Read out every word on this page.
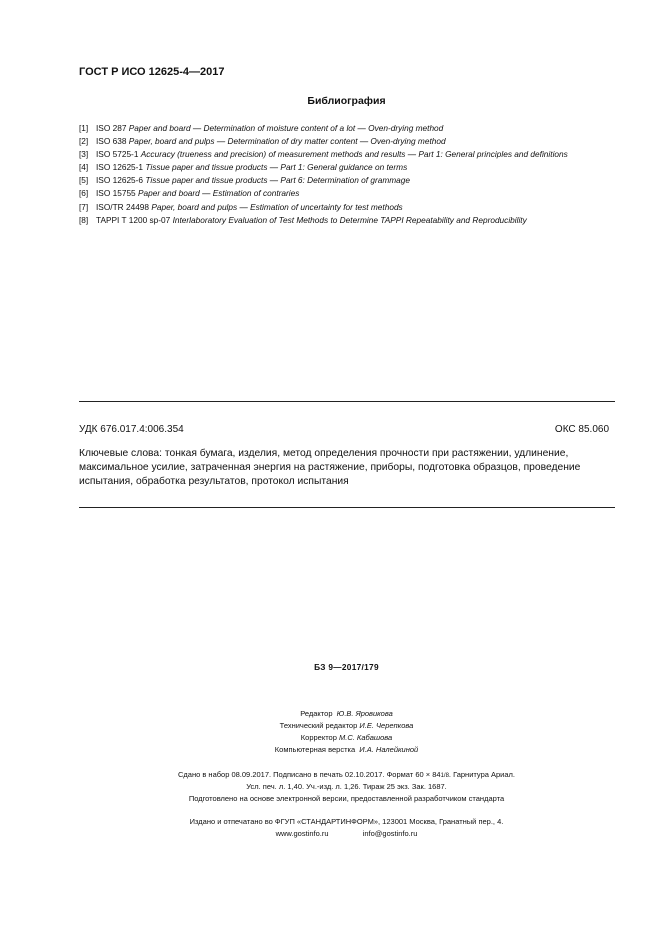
ГОСТ Р ИСО 12625-4—2017
Библиография
[1] ISO 287 Paper and board — Determination of moisture content of a lot — Oven-drying method
[2] ISO 638 Paper, board and pulps — Determination of dry matter content — Oven-drying method
[3] ISO 5725-1 Accuracy (trueness and precision) of measurement methods and results — Part 1: General principles and definitions
[4] ISO 12625-1 Tissue paper and tissue products — Part 1: General guidance on terms
[5] ISO 12625-6 Tissue paper and tissue products — Part 6: Determination of grammage
[6] ISO 15755 Paper and board — Estimation of contraries
[7] ISO/TR 24498 Paper, board and pulps — Estimation of uncertainty for test methods
[8] TAPPI T 1200 sp-07 Interlaboratory Evaluation of Test Methods to Determine TAPPI Repeatability and Reproducibility
УДК 676.017.4:006.354	ОКС 85.060
Ключевые слова: тонкая бумага, изделия, метод определения прочности при растяжении, удлинение, максимальное усилие, затраченная энергия на растяжение, приборы, подготовка образцов, проведение испытания, обработка результатов, протокол испытания
БЗ 9—2017/179
Редактор Ю.В. Яровикова
Технический редактор И.Е. Черепкова
Корректор М.С. Кабашова
Компьютерная верстка И.А. Налейкиной
Сдано в набор 08.09.2017. Подписано в печать 02.10.2017. Формат 60 × 841/8. Гарнитура Ариал.
Усл. печ. л. 1,40. Уч.-изд. л. 1,26. Тираж 25 экз. Зак. 1687.
Подготовлено на основе электронной версии, предоставленной разработчиком стандарта
Издано и отпечатано во ФГУП «СТАНДАРТИНФОРМ», 123001 Москва, Гранатный пер., 4.
www.gostinfo.ru	info@gostinfo.ru
